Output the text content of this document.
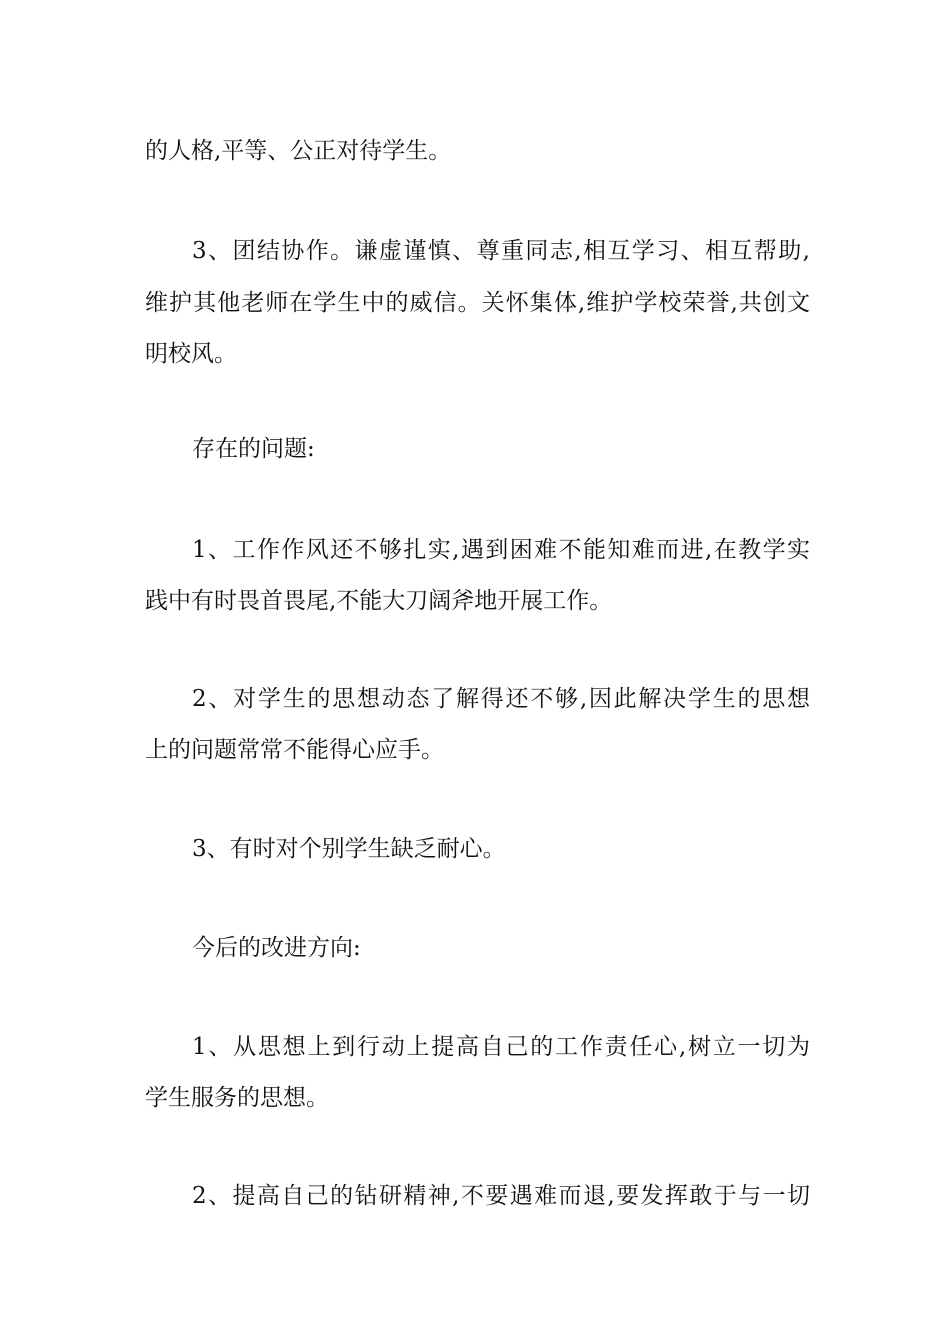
的人格,平等、公正对待学生。
3、团结协作。谦虚谨慎、尊重同志,相互学习、相互帮助,
维护其他老师在学生中的威信。关怀集体,维护学校荣誉,共创文
明校风。
存在的问题:
1、工作作风还不够扎实,遇到困难不能知难而进,在教学实
践中有时畏首畏尾,不能大刀阔斧地开展工作。
2、对学生的思想动态了解得还不够,因此解决学生的思想
上的问题常常不能得心应手。
3、有时对个别学生缺乏耐心。
今后的改进方向:
1、从思想上到行动上提高自己的工作责任心,树立一切为
学生服务的思想。
2、提高自己的钻研精神,不要遇难而退,要发挥敢于与一切
